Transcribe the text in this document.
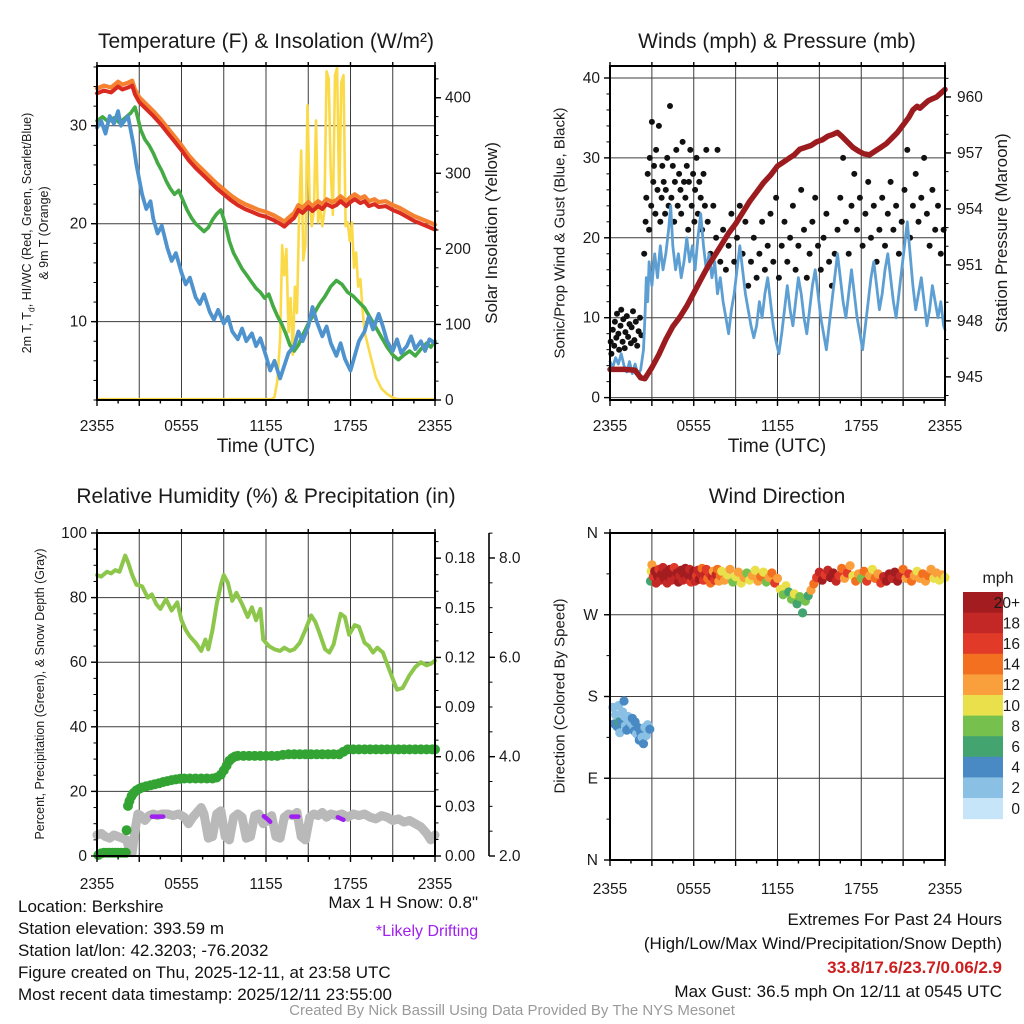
2355	0555	1155	1755	2355
10
20
30
0
100
200
300
400
2355	0555	1155	1755	2355
0
10
20
30
40
945
948
951
954
957
960
2355	0555	1155	1755	2355
0
20
40
60
80
100
0.00
0.03
0.06
0.09
0.12
0.15
0.18
2.0
4.0
6.0
8.0
2355	0555	1155	1755	2355
N
W
S
E
N
mph
20+
18
16
14
12
10
8
6
4
2
0
Temperature (F) & Insolation (W/m²)	Winds (mph) & Pressure (mb)
Relative Humidity (%) & Precipitation (in)	Wind Direction
Time (UTC)	Time (UTC)
2m T, $T_d$, HI/WC (Red, Green, Scarlet/Blue) & 9m T (Orange)	Solar Insolation (Yellow)	Sonic/Prop Wind & Gust (Blue, Black)	Station Pressure (Maroon)
Percent, Precipitation (Green), & Snow Depth (Gray)	Direction (Colored By Speed)
Location: Berkshire
Station elevation: 393.59 m
Station lat/lon: 42.3203; -76.2032
Figure created on Thu, 2025-12-11, at 23:58 UTC
Most recent data timestamp: 2025/12/11 23:55:00
Max 1 H Snow: 0.8"
*Likely Drifting
Extremes For Past 24 Hours
(High/Low/Max Wind/Precipitation/Snow Depth)
33.8/17.6/23.7/0.06/2.9
Max Gust: 36.5 mph On 12/11 at 0545 UTC
Created By Nick Bassill Using Data Provided By The NYS Mesonet
